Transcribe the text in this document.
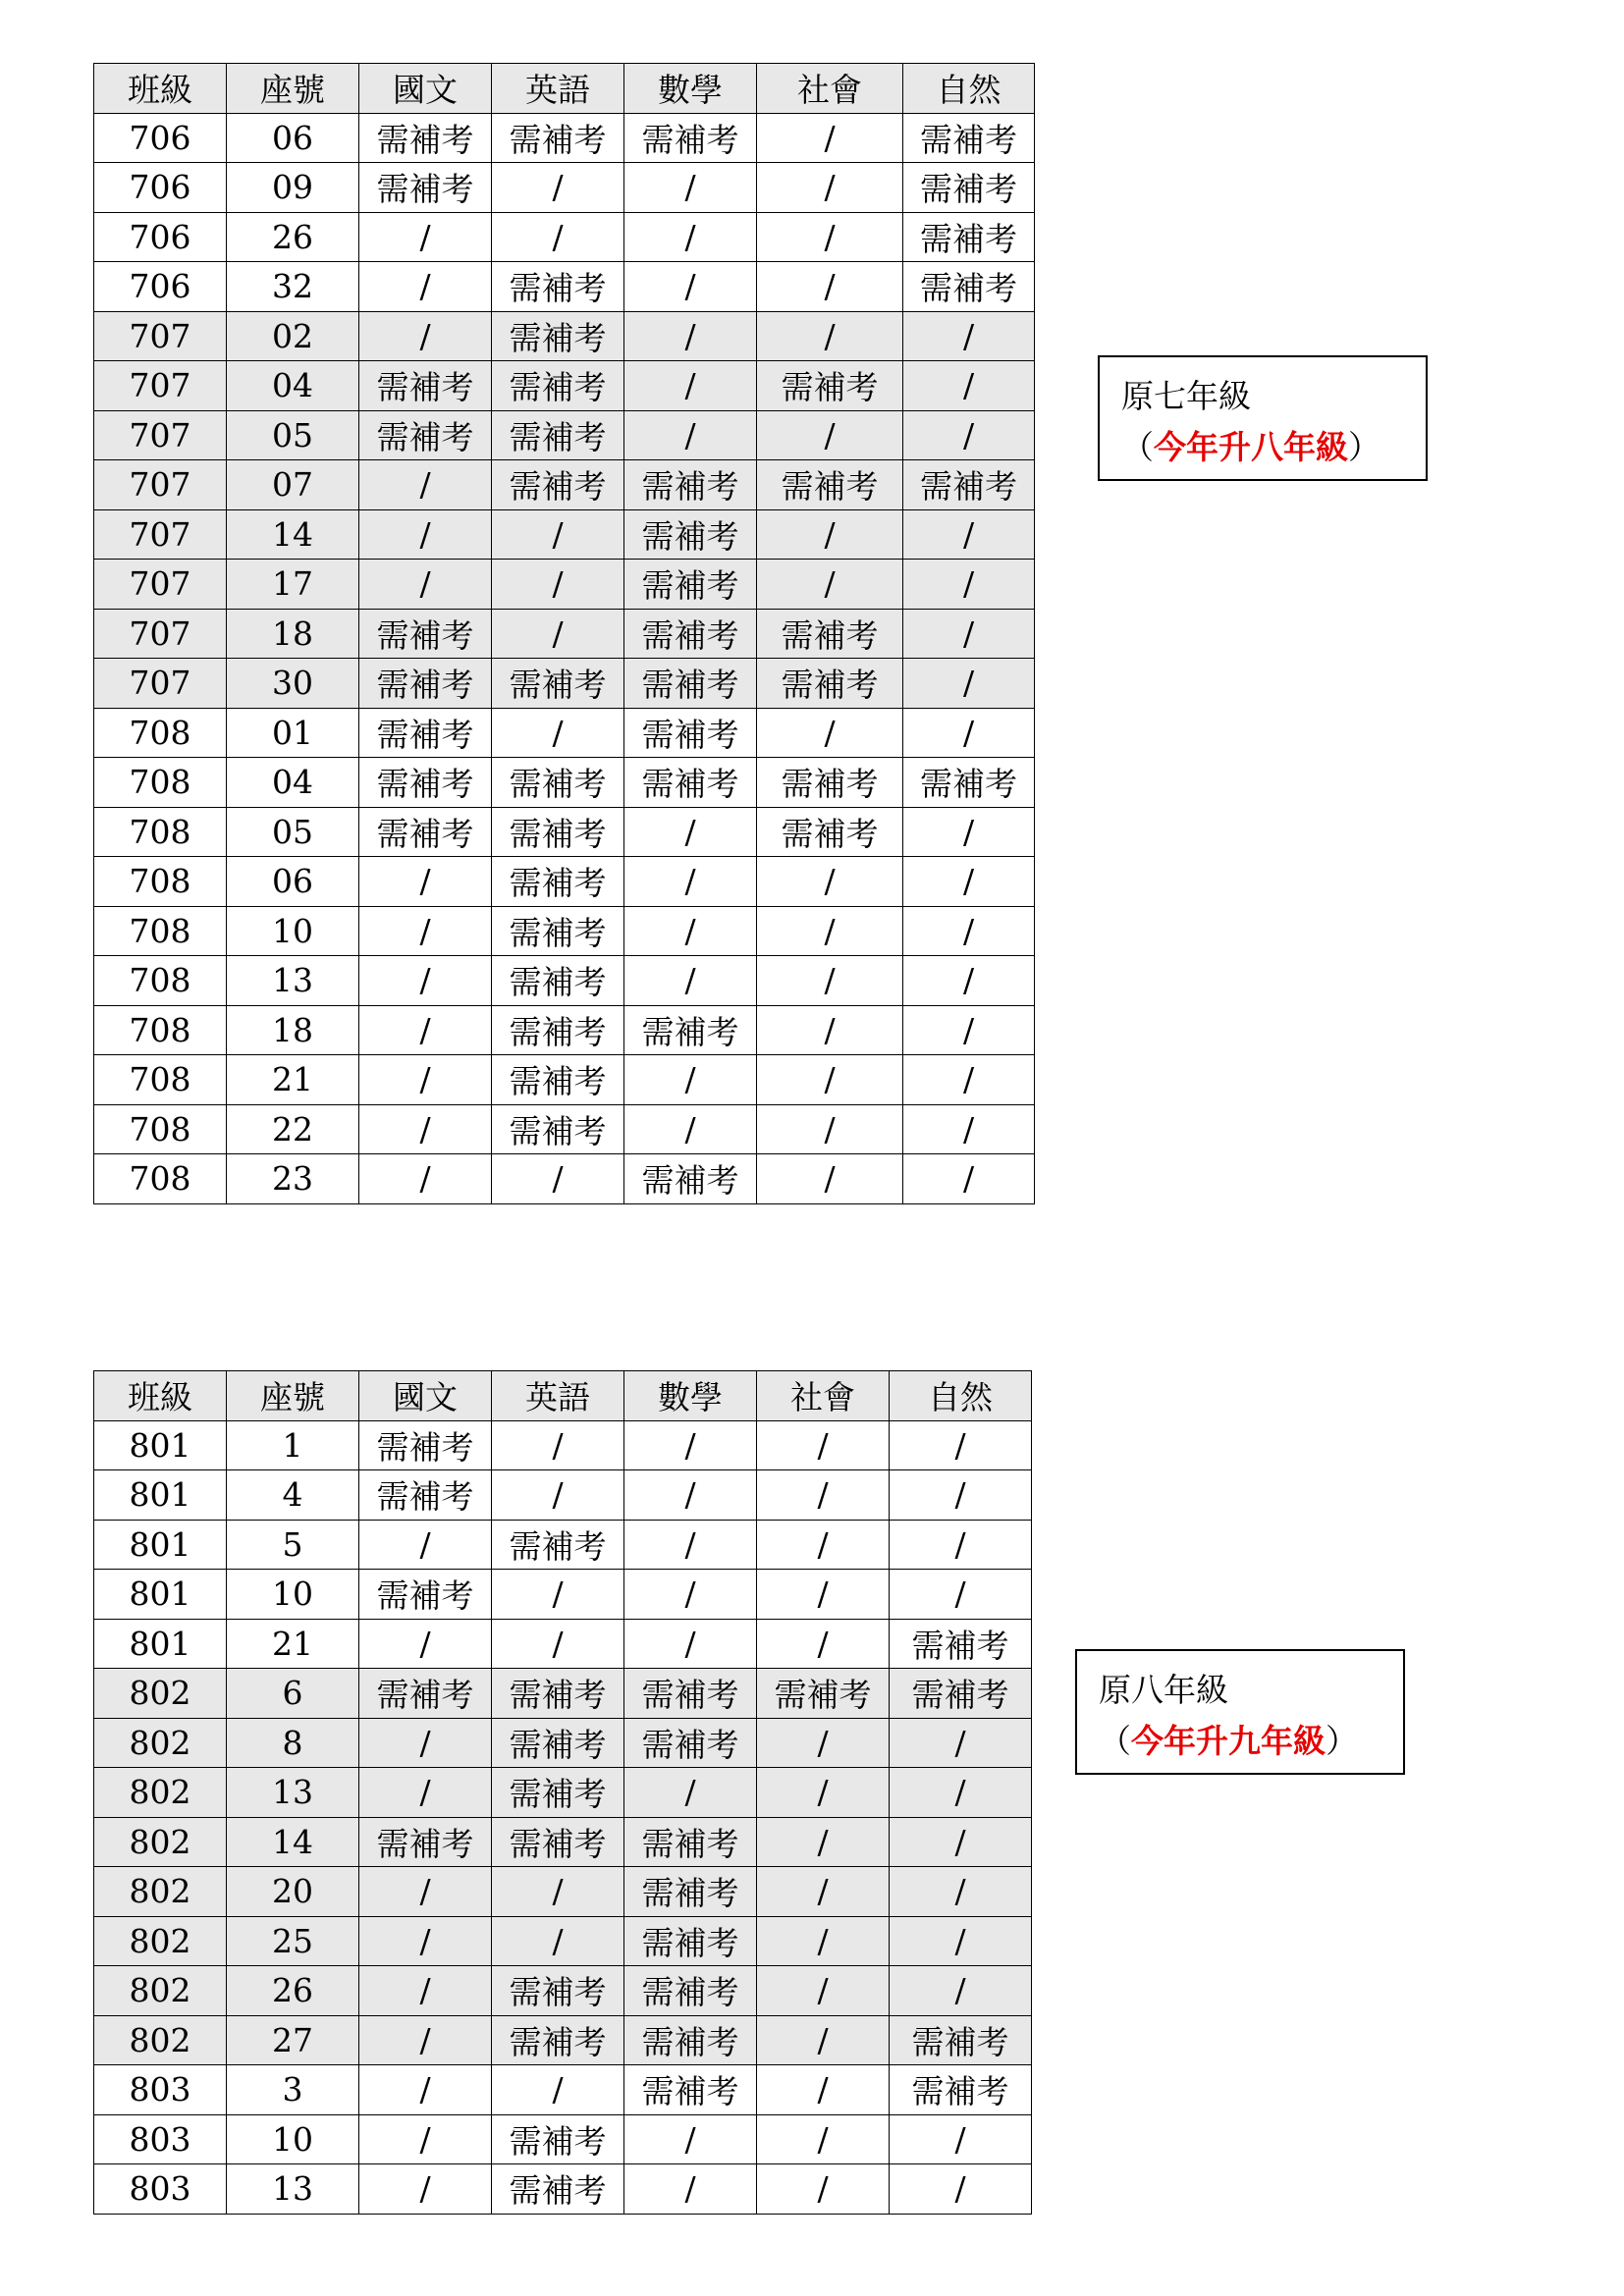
班級	座號	國文	英語	數學	社會	自然
706	06	需補考	需補考	需補考	/	需補考
706	09	需補考	/	/	/	需補考
706	26	/	/	/	/	需補考
706	32	/	需補考	/	/	需補考
707	02	/	需補考	/	/	/
707	04	需補考	需補考	/	需補考	/
707	05	需補考	需補考	/	/	/
707	07	/	需補考	需補考	需補考	需補考
707	14	/	/	需補考	/	/
707	17	/	/	需補考	/	/
707	18	需補考	/	需補考	需補考	/
707	30	需補考	需補考	需補考	需補考	/
708	01	需補考	/	需補考	/	/
708	04	需補考	需補考	需補考	需補考	需補考
708	05	需補考	需補考	/	需補考	/
708	06	/	需補考	/	/	/
708	10	/	需補考	/	/	/
708	13	/	需補考	/	/	/
708	18	/	需補考	需補考	/	/
708	21	/	需補考	/	/	/
708	22	/	需補考	/	/	/
708	23	/	/	需補考	/	/
班級	座號	國文	英語	數學	社會	自然
801	1	需補考	/	/	/	/
801	4	需補考	/	/	/	/
801	5	/	需補考	/	/	/
801	10	需補考	/	/	/	/
801	21	/	/	/	/	需補考
802	6	需補考	需補考	需補考	需補考	需補考
802	8	/	需補考	需補考	/	/
802	13	/	需補考	/	/	/
802	14	需補考	需補考	需補考	/	/
802	20	/	/	需補考	/	/
802	25	/	/	需補考	/	/
802	26	/	需補考	需補考	/	/
802	27	/	需補考	需補考	/	需補考
803	3	/	/	需補考	/	需補考
803	10	/	需補考	/	/	/
803	13	/	需補考	/	/	/
原七年級
（今年升八年級）
原八年級
（今年升九年級）
